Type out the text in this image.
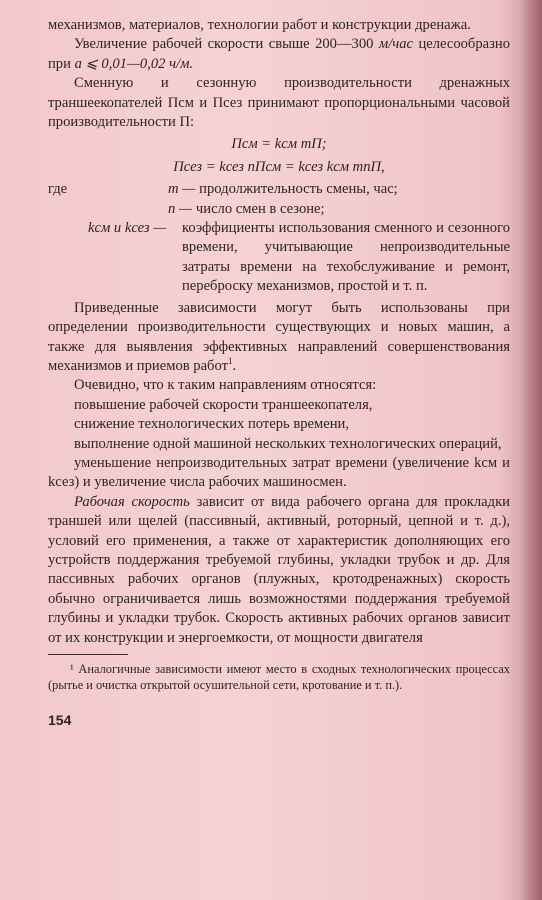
механизмов, материалов, технологии работ и конструкции дренажа.

Увеличение рабочей скорости свыше 200—300 м/час целесообразно при a ⩽ 0,01—0,02 ч/м.

Сменную и сезонную производительности дренажных траншеекопателей Псм и Псез принимают пропорциональными часовой производительности П:

Псм = kсм mП;

Псез = kсез nПсм = kсез kсм mnП,

где	m — продолжительность смены, час;
n — число смен в сезоне;
kсм и kсез —	коэффициенты использования сменного и сезонного времени, учитывающие непроизводительные затраты времени на техобслуживание и ремонт, переброску механизмов, простой и т. п.

Приведенные зависимости могут быть использованы при определении производительности существующих и новых машин, а также для выявления эффективных направлений совершенствования механизмов и приемов работ$^1$.

Очевидно, что к таким направлениям относятся:

повышение рабочей скорости траншеекопателя,

снижение технологических потерь времени,

выполнение одной машиной нескольких технологических операций,

уменьшение непроизводительных затрат времени (увеличение kсм и kсез) и увеличение числа рабочих машиносмен.

Рабочая скорость зависит от вида рабочего органа для прокладки траншей или щелей (пассивный, активный, роторный, цепной и т. д.), условий его применения, а также от характеристик дополняющих его устройств поддержания требуемой глубины, укладки трубок и др. Для пассивных рабочих органов (плужных, кротодренажных) скорость обычно ограничивается лишь возможностями поддержания требуемой глубины и укладки трубок. Скорость активных рабочих органов зависит от их конструкции и энергоемкости, от мощности двигателя

¹ Аналогичные зависимости имеют место в сходных технологических процессах (рытье и очистка открытой осушительной сети, кротование и т. п.).

154
